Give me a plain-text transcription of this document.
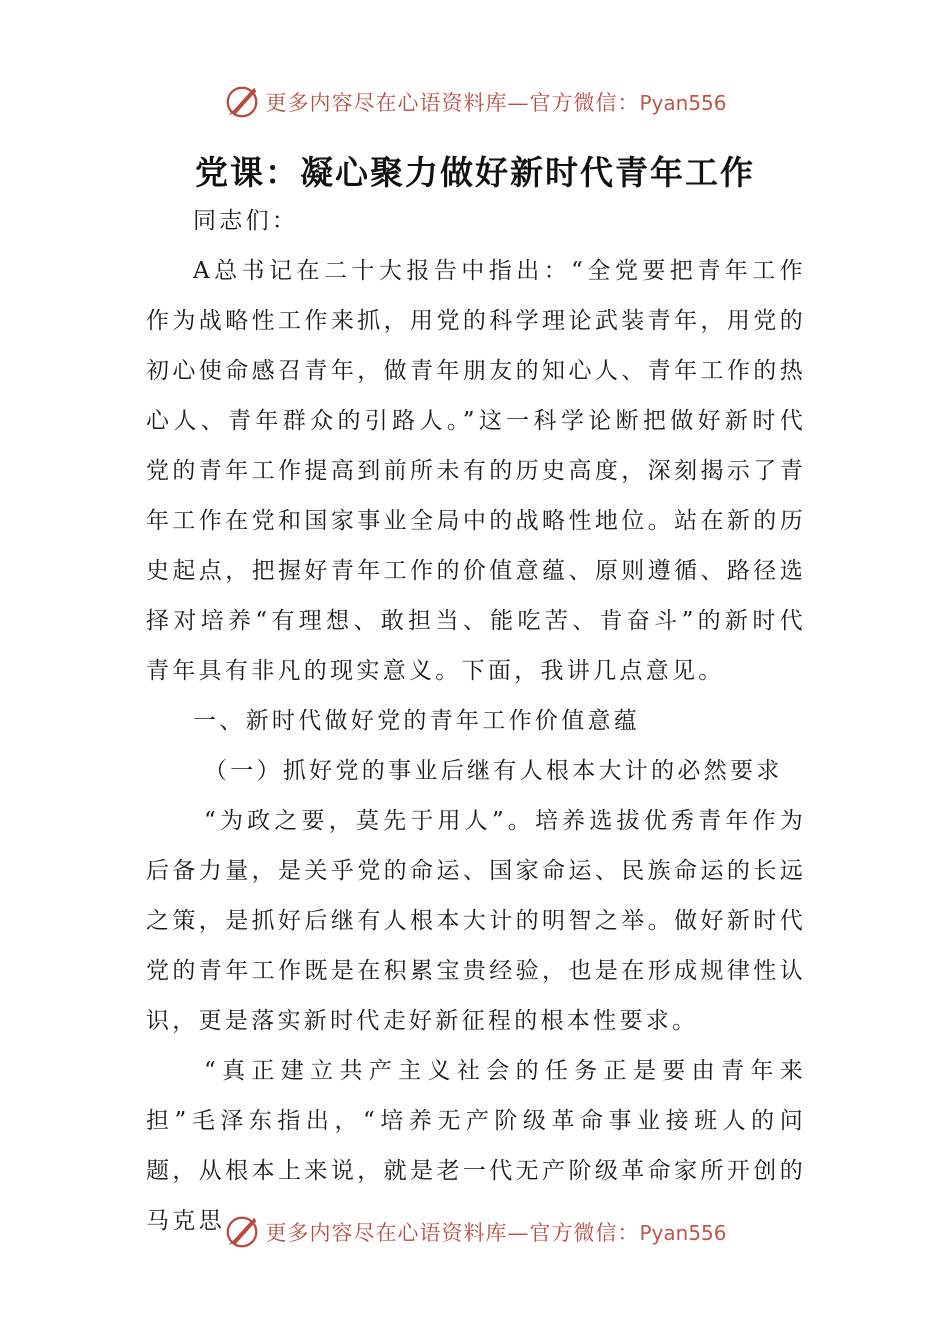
更多内容尽在心语资料库—官方微信：Pyan556
党课：凝心聚力做好新时代青年工作

同志们：

A总书记在二十大报告中指出：“全党要把青年工作作为战略性工作来抓，用党的科学理论武装青年，用党的初心使命感召青年，做青年朋友的知心人、青年工作的热心人、青年群众的引路人。”这一科学论断把做好新时代党的青年工作提高到前所未有的历史高度，深刻揭示了青年工作在党和国家事业全局中的战略性地位。站在新的历史起点，把握好青年工作的价值意蕴、原则遵循、路径选择对培养“有理想、敢担当、能吃苦、肯奋斗”的新时代青年具有非凡的现实意义。下面，我讲几点意见。

一、新时代做好党的青年工作价值意蕴

（一）抓好党的事业后继有人根本大计的必然要求

“为政之要，莫先于用人”。培养选拔优秀青年作为后备力量，是关乎党的命运、国家命运、民族命运的长远之策，是抓好后继有人根本大计的明智之举。做好新时代党的青年工作既是在积累宝贵经验，也是在形成规律性认识，更是落实新时代走好新征程的根本性要求。

“真正建立共产主义社会的任务正是要由青年来担”毛泽东指出，“培养无产阶级革命事业接班人的问题，从根本上来说，就是老一代无产阶级革命家所开创的马克思	更多内容尽在心语资料库—官方微信：Pyan556
